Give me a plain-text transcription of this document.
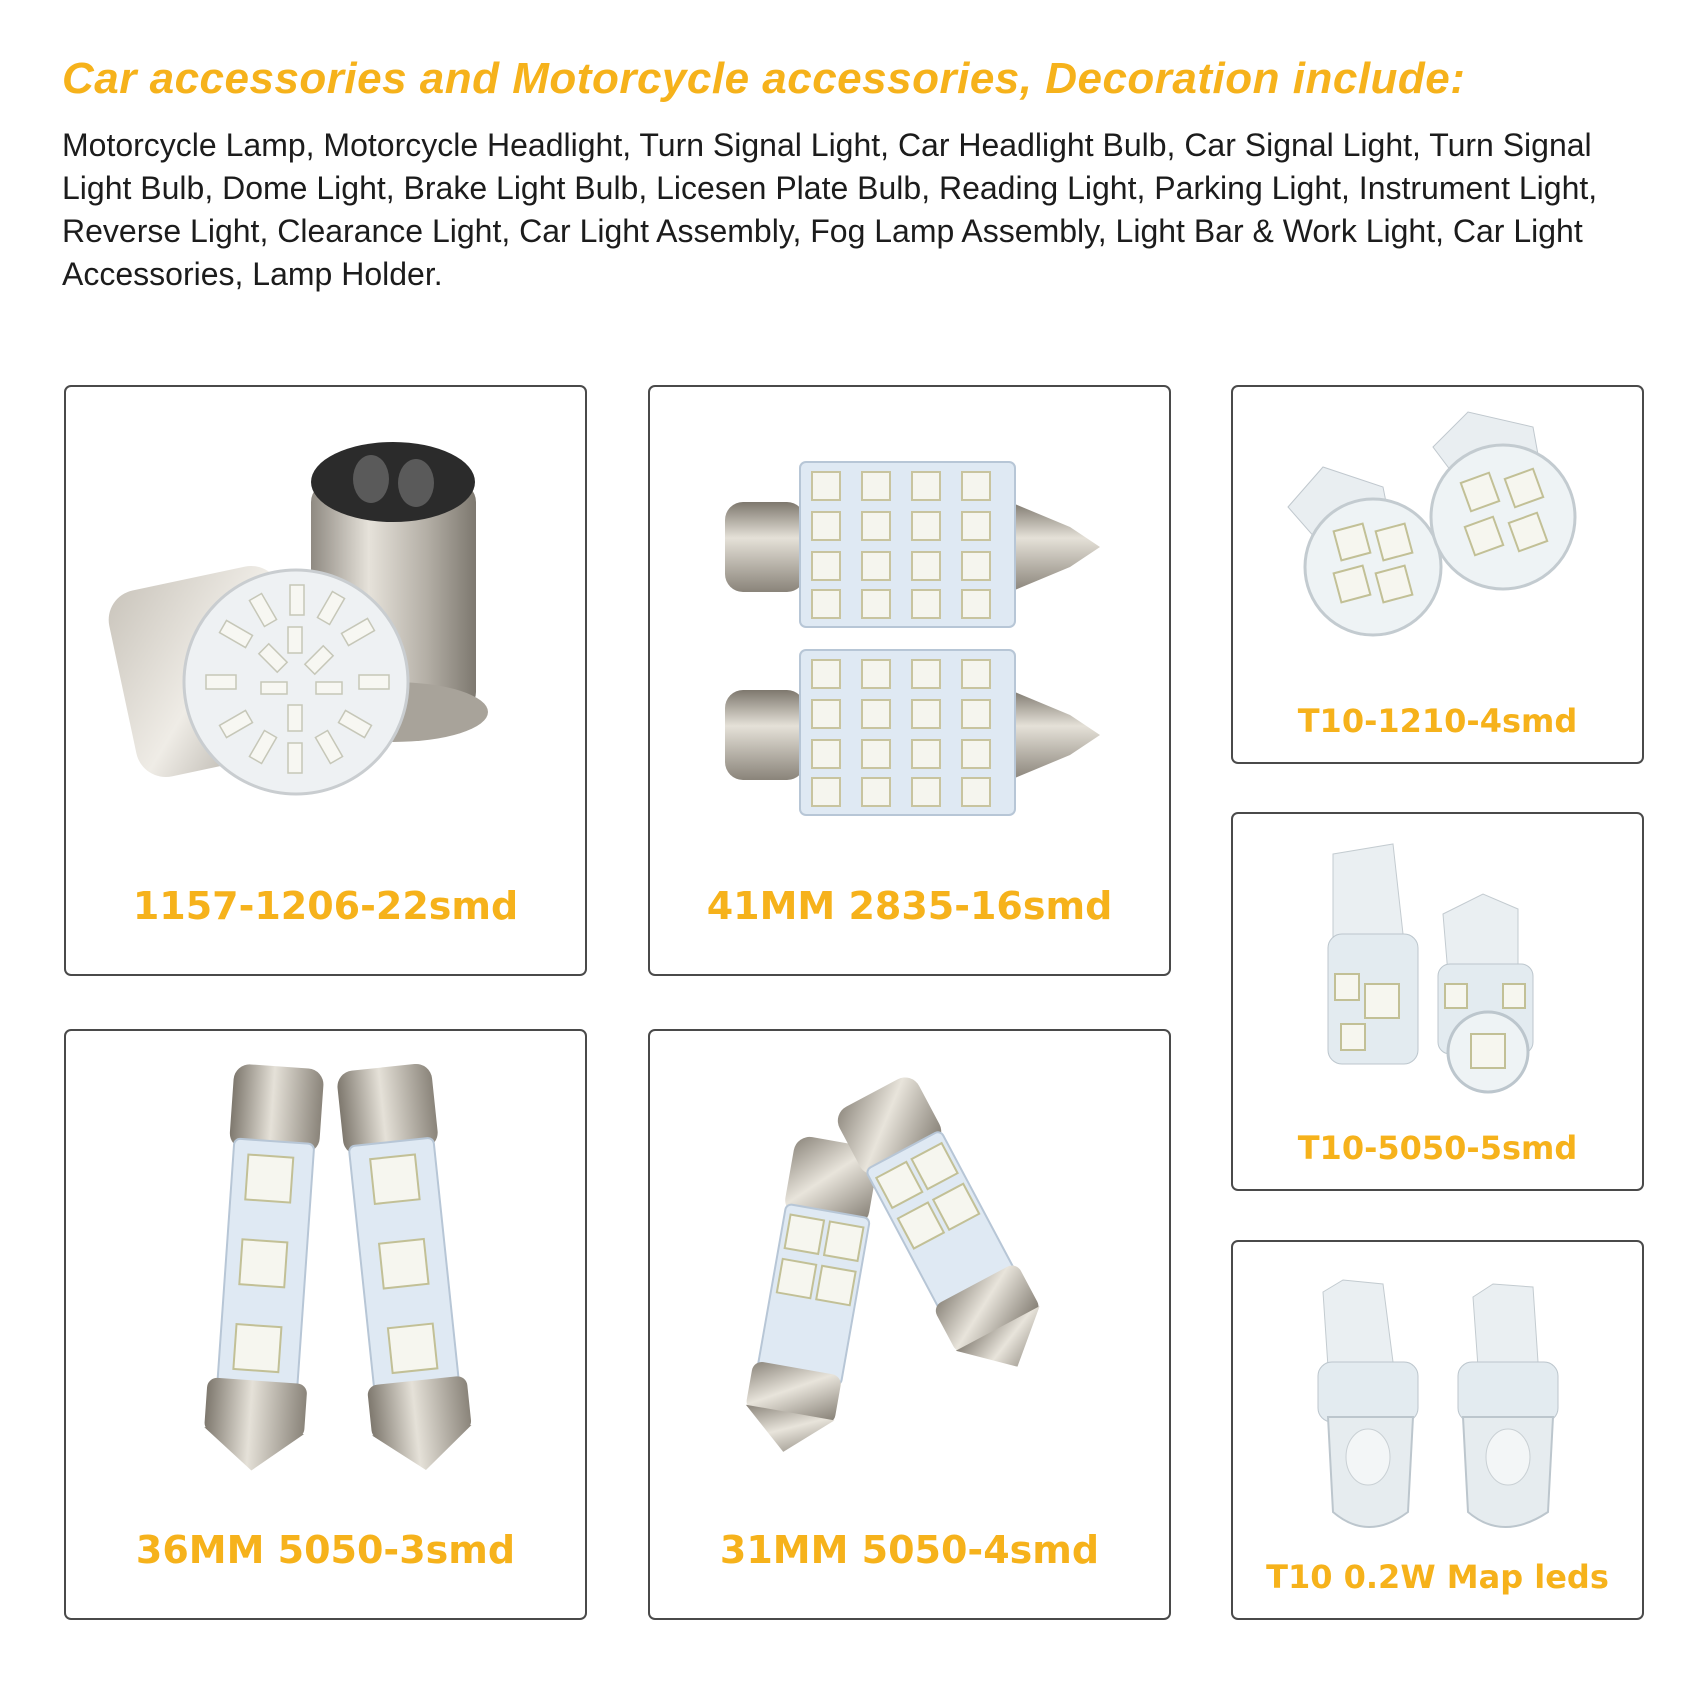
Car accessories and Motorcycle accessories, Decoration include:
Motorcycle Lamp, Motorcycle Headlight, Turn Signal Light, Car Headlight Bulb, Car Signal Light, Turn Signal Light Bulb, Dome Light, Brake Light Bulb, Licesen Plate Bulb, Reading Light, Parking Light, Instrument Light, Reverse Light, Clearance Light, Car Light Assembly, Fog Lamp Assembly, Light Bar & Work Light, Car Light Accessories, Lamp Holder.
1157-1206-22smd	41MM 2835-16smd
T10-1210-4smd
T10-5050-5smd
36MM 5050-3smd	31MM 5050-4smd
T10 0.2W Map leds
